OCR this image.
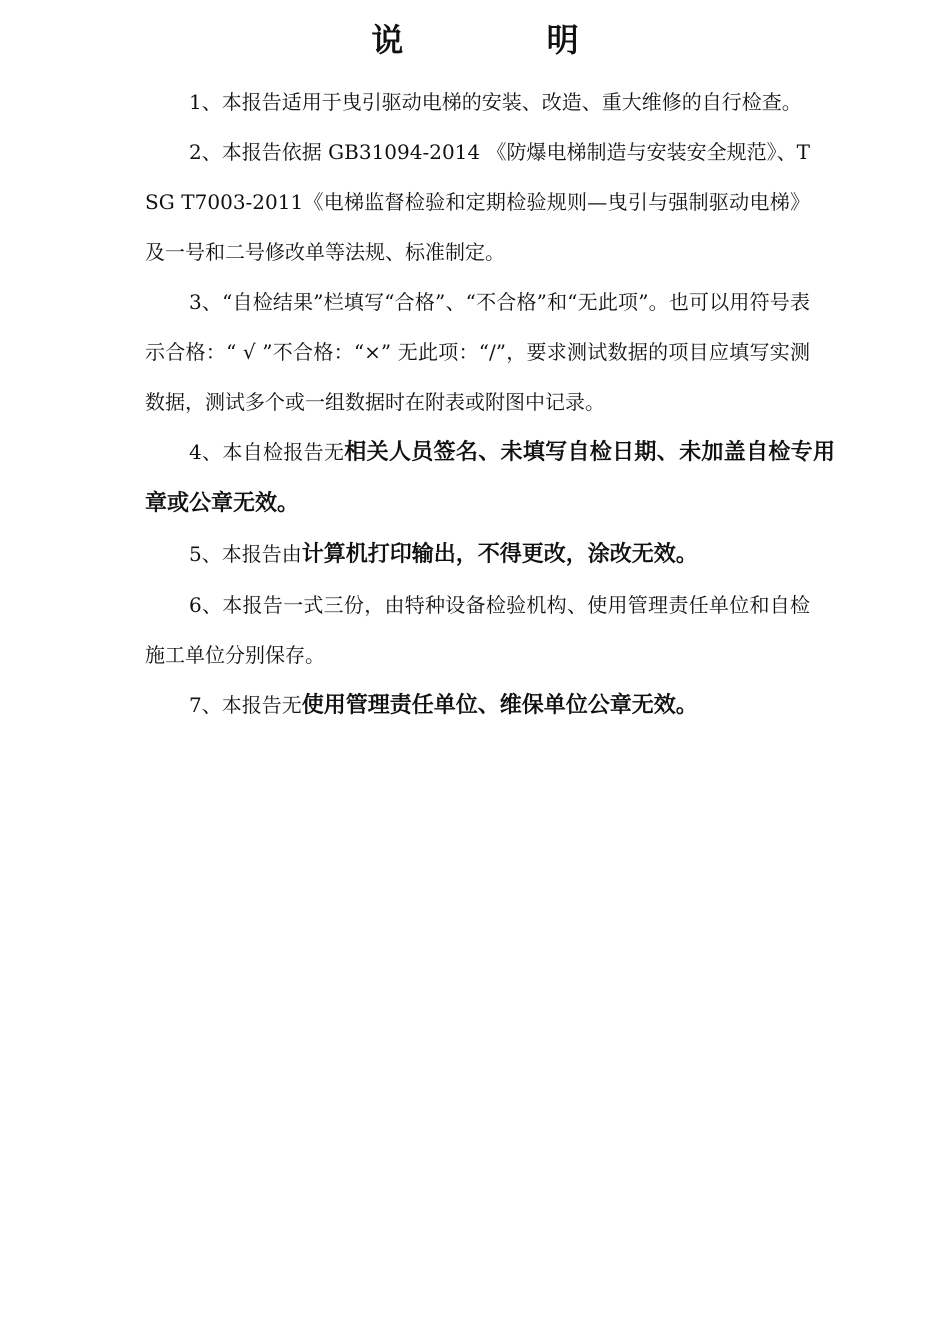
说 明

1、本报告适用于曳引驱动电梯的安装、改造、重大维修的自行检查。

2、本报告依据 GB31094-2014 《防爆电梯制造与安装安全规范》、TSG T7003-2011《电梯监督检验和定期检验规则—曳引与强制驱动电梯》及一号和二号修改单等法规、标准制定。

3、“自检结果”栏填写“合格”、“不合格”和“无此项”。也可以用符号表示合格：“ √ ”不合格：“×” 无此项：“/”，要求测试数据的项目应填写实测数据，测试多个或一组数据时在附表或附图中记录。

4、本自检报告无相关人员签名、未填写自检日期、未加盖自检专用章或公章无效。

5、本报告由计算机打印输出，不得更改，涂改无效。

6、本报告一式三份，由特种设备检验机构、使用管理责任单位和自检施工单位分别保存。

7、本报告无使用管理责任单位、维保单位公章无效。
